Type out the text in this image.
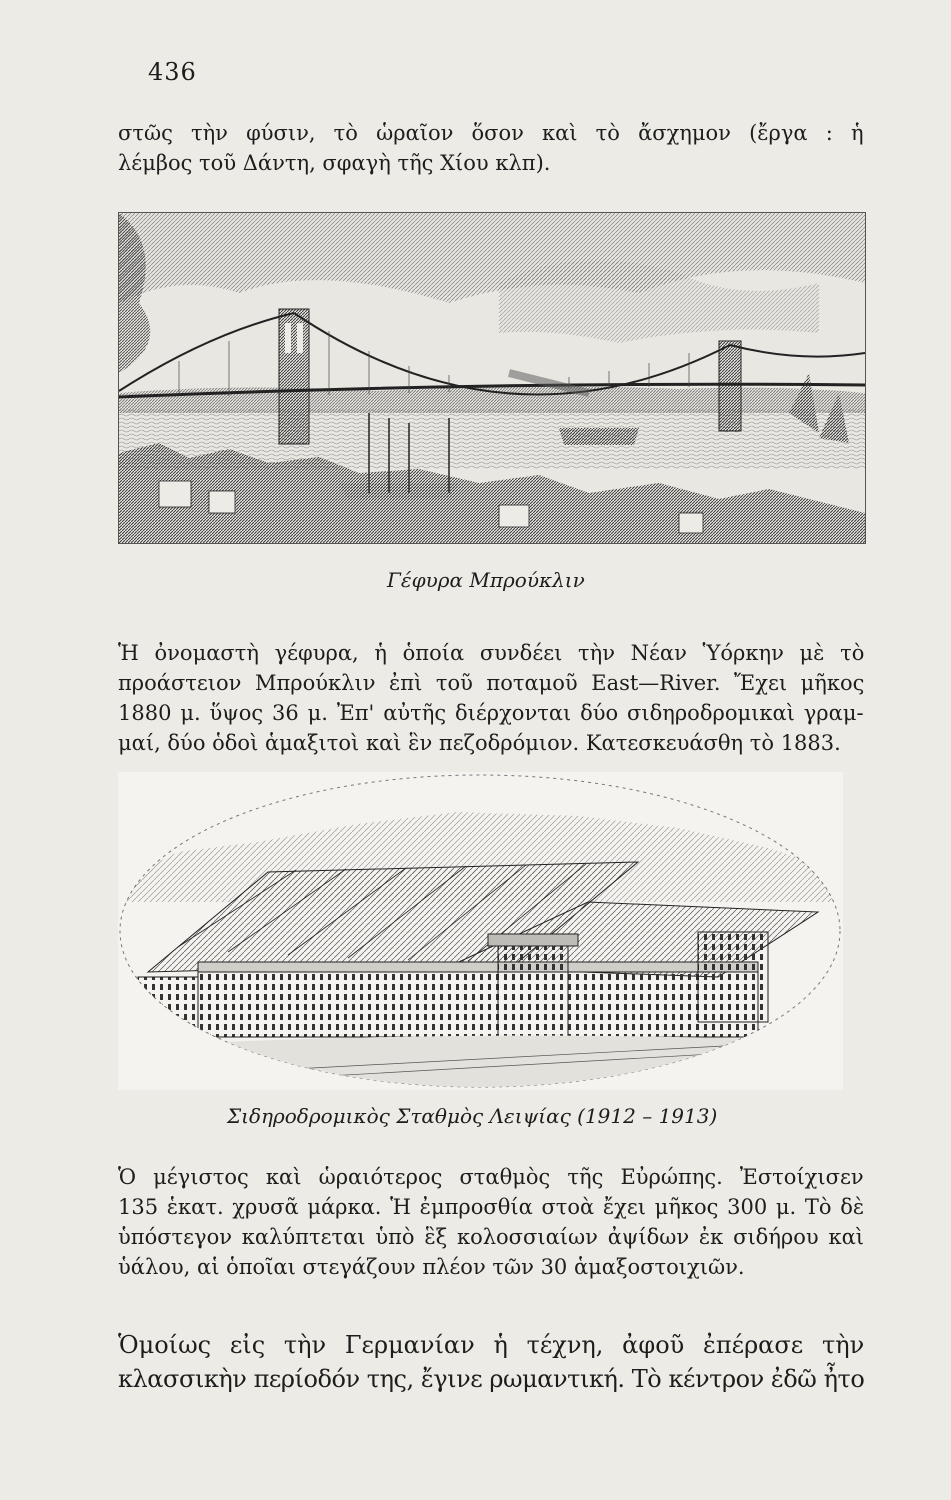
436
στῶς τὴν φύσιν, τὸ ὡραῖον ὅσον καὶ τὸ ἄσχημον (ἔργα : ἡ
λέμβος τοῦ Δάντη, σφαγὴ τῆς Χίου κλπ).
Γέφυρα Μπρούκλιν
Ἡ ὀνομαστὴ γέφυρα, ἡ ὁποία συνδέει τὴν Νέαν Ὑόρκην μὲ τὸ
προάστειον Μπρούκλιν ἐπὶ τοῦ ποταμοῦ East—River. Ἔχει μῆκος
1880 μ. ὕψος 36 μ. Ἐπ' αὐτῆς διέρχονται δύο σιδηροδρομικαὶ γραμ-
μαί, δύο ὁδοὶ ἁμαξιτοὶ καὶ ἓν πεζοδρόμιον. Κατεσκευάσθη τὸ 1883.
Σιδηροδρομικὸς Σταθμὸς Λειψίας (1912 – 1913)
Ὁ μέγιστος καὶ ὡραιότερος σταθμὸς τῆς Εὐρώπης. Ἐστοίχισεν
135 ἑκατ. χρυσᾶ μάρκα. Ἡ ἐμπροσθία στοὰ ἔχει μῆκος 300 μ. Τὸ δὲ
ὑπόστεγον καλύπτεται ὑπὸ ἓξ κολοσσιαίων ἀψίδων ἐκ σιδήρου καὶ
ὑάλου, αἱ ὁποῖαι στεγάζουν πλέον τῶν 30 ἁμαξοστοιχιῶν.
Ὁμοίως εἰς τὴν Γερμανίαν ἡ τέχνη, ἀφοῦ ἐπέρασε τὴν
κλασσικὴν περίοδόν της, ἔγινε ρωμαντική. Τὸ κέντρον ἐδῶ ἦτο
